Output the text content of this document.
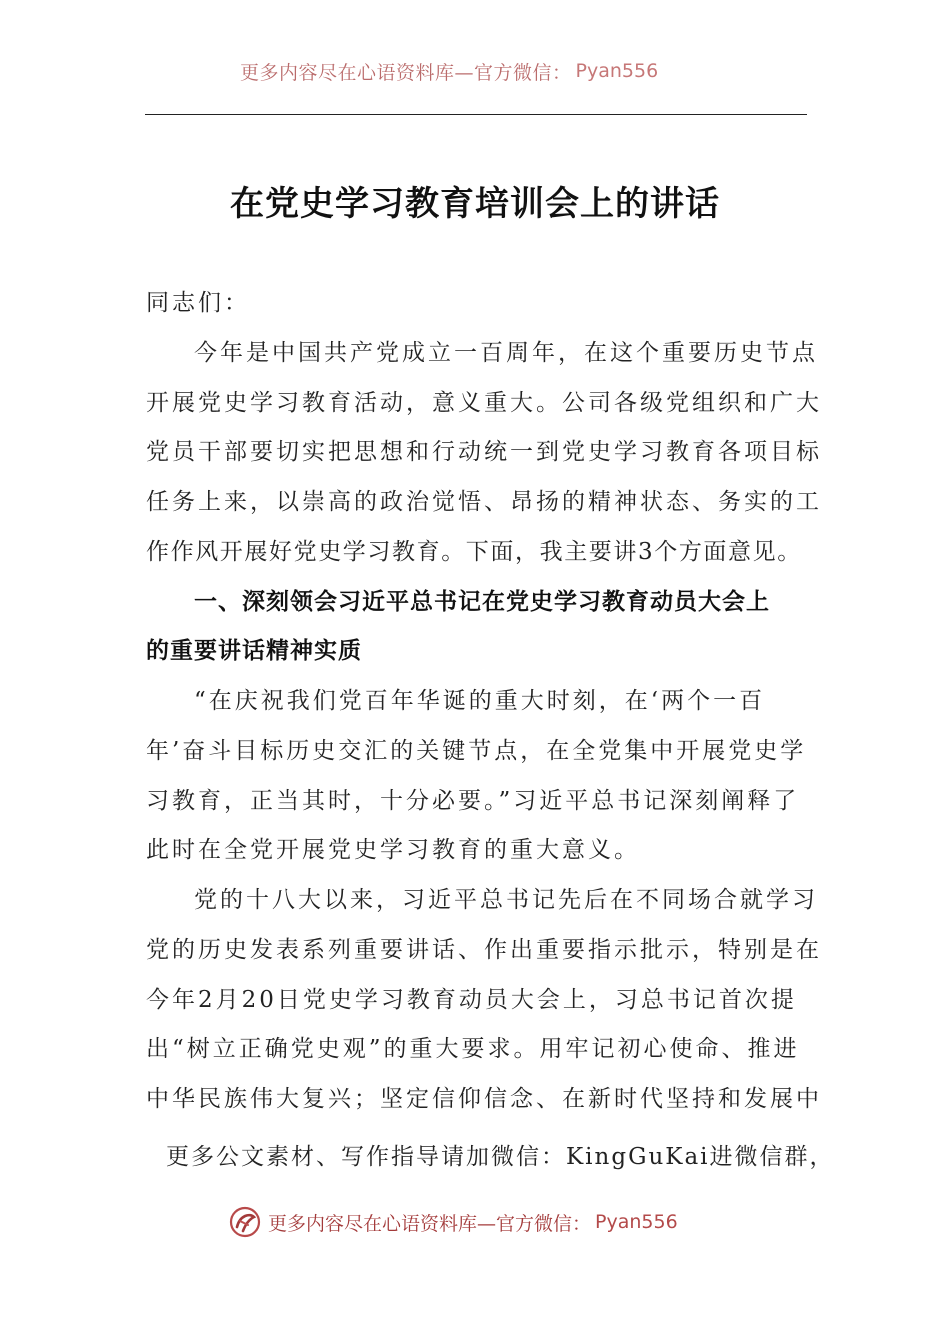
更多内容尽在心语资料库—官方微信： Pyan556
在党史学习教育培训会上的讲话
同志们：
今年是中国共产党成立一百周年，在这个重要历史节点
开展党史学习教育活动，意义重大。公司各级党组织和广大
党员干部要切实把思想和行动统一到党史学习教育各项目标
任务上来，以崇高的政治觉悟、昂扬的精神状态、务实的工
作作风开展好党史学习教育。下面，我主要讲3个方面意见。
一、深刻领会习近平总书记在党史学习教育动员大会上
的重要讲话精神实质
“在庆祝我们党百年华诞的重大时刻，在‘两个一百
年’奋斗目标历史交汇的关键节点，在全党集中开展党史学
习教育，正当其时，十分必要。”习近平总书记深刻阐释了
此时在全党开展党史学习教育的重大意义。
党的十八大以来，习近平总书记先后在不同场合就学习
党的历史发表系列重要讲话、作出重要指示批示，特别是在
今年2月20日党史学习教育动员大会上，习总书记首次提
出“树立正确党史观”的重大要求。用牢记初心使命、推进
中华民族伟大复兴；坚定信仰信念、在新时代坚持和发展中
更多公文素材、写作指导请加微信：KingGuKai进微信群，
更多内容尽在心语资料库—官方微信： Pyan556
